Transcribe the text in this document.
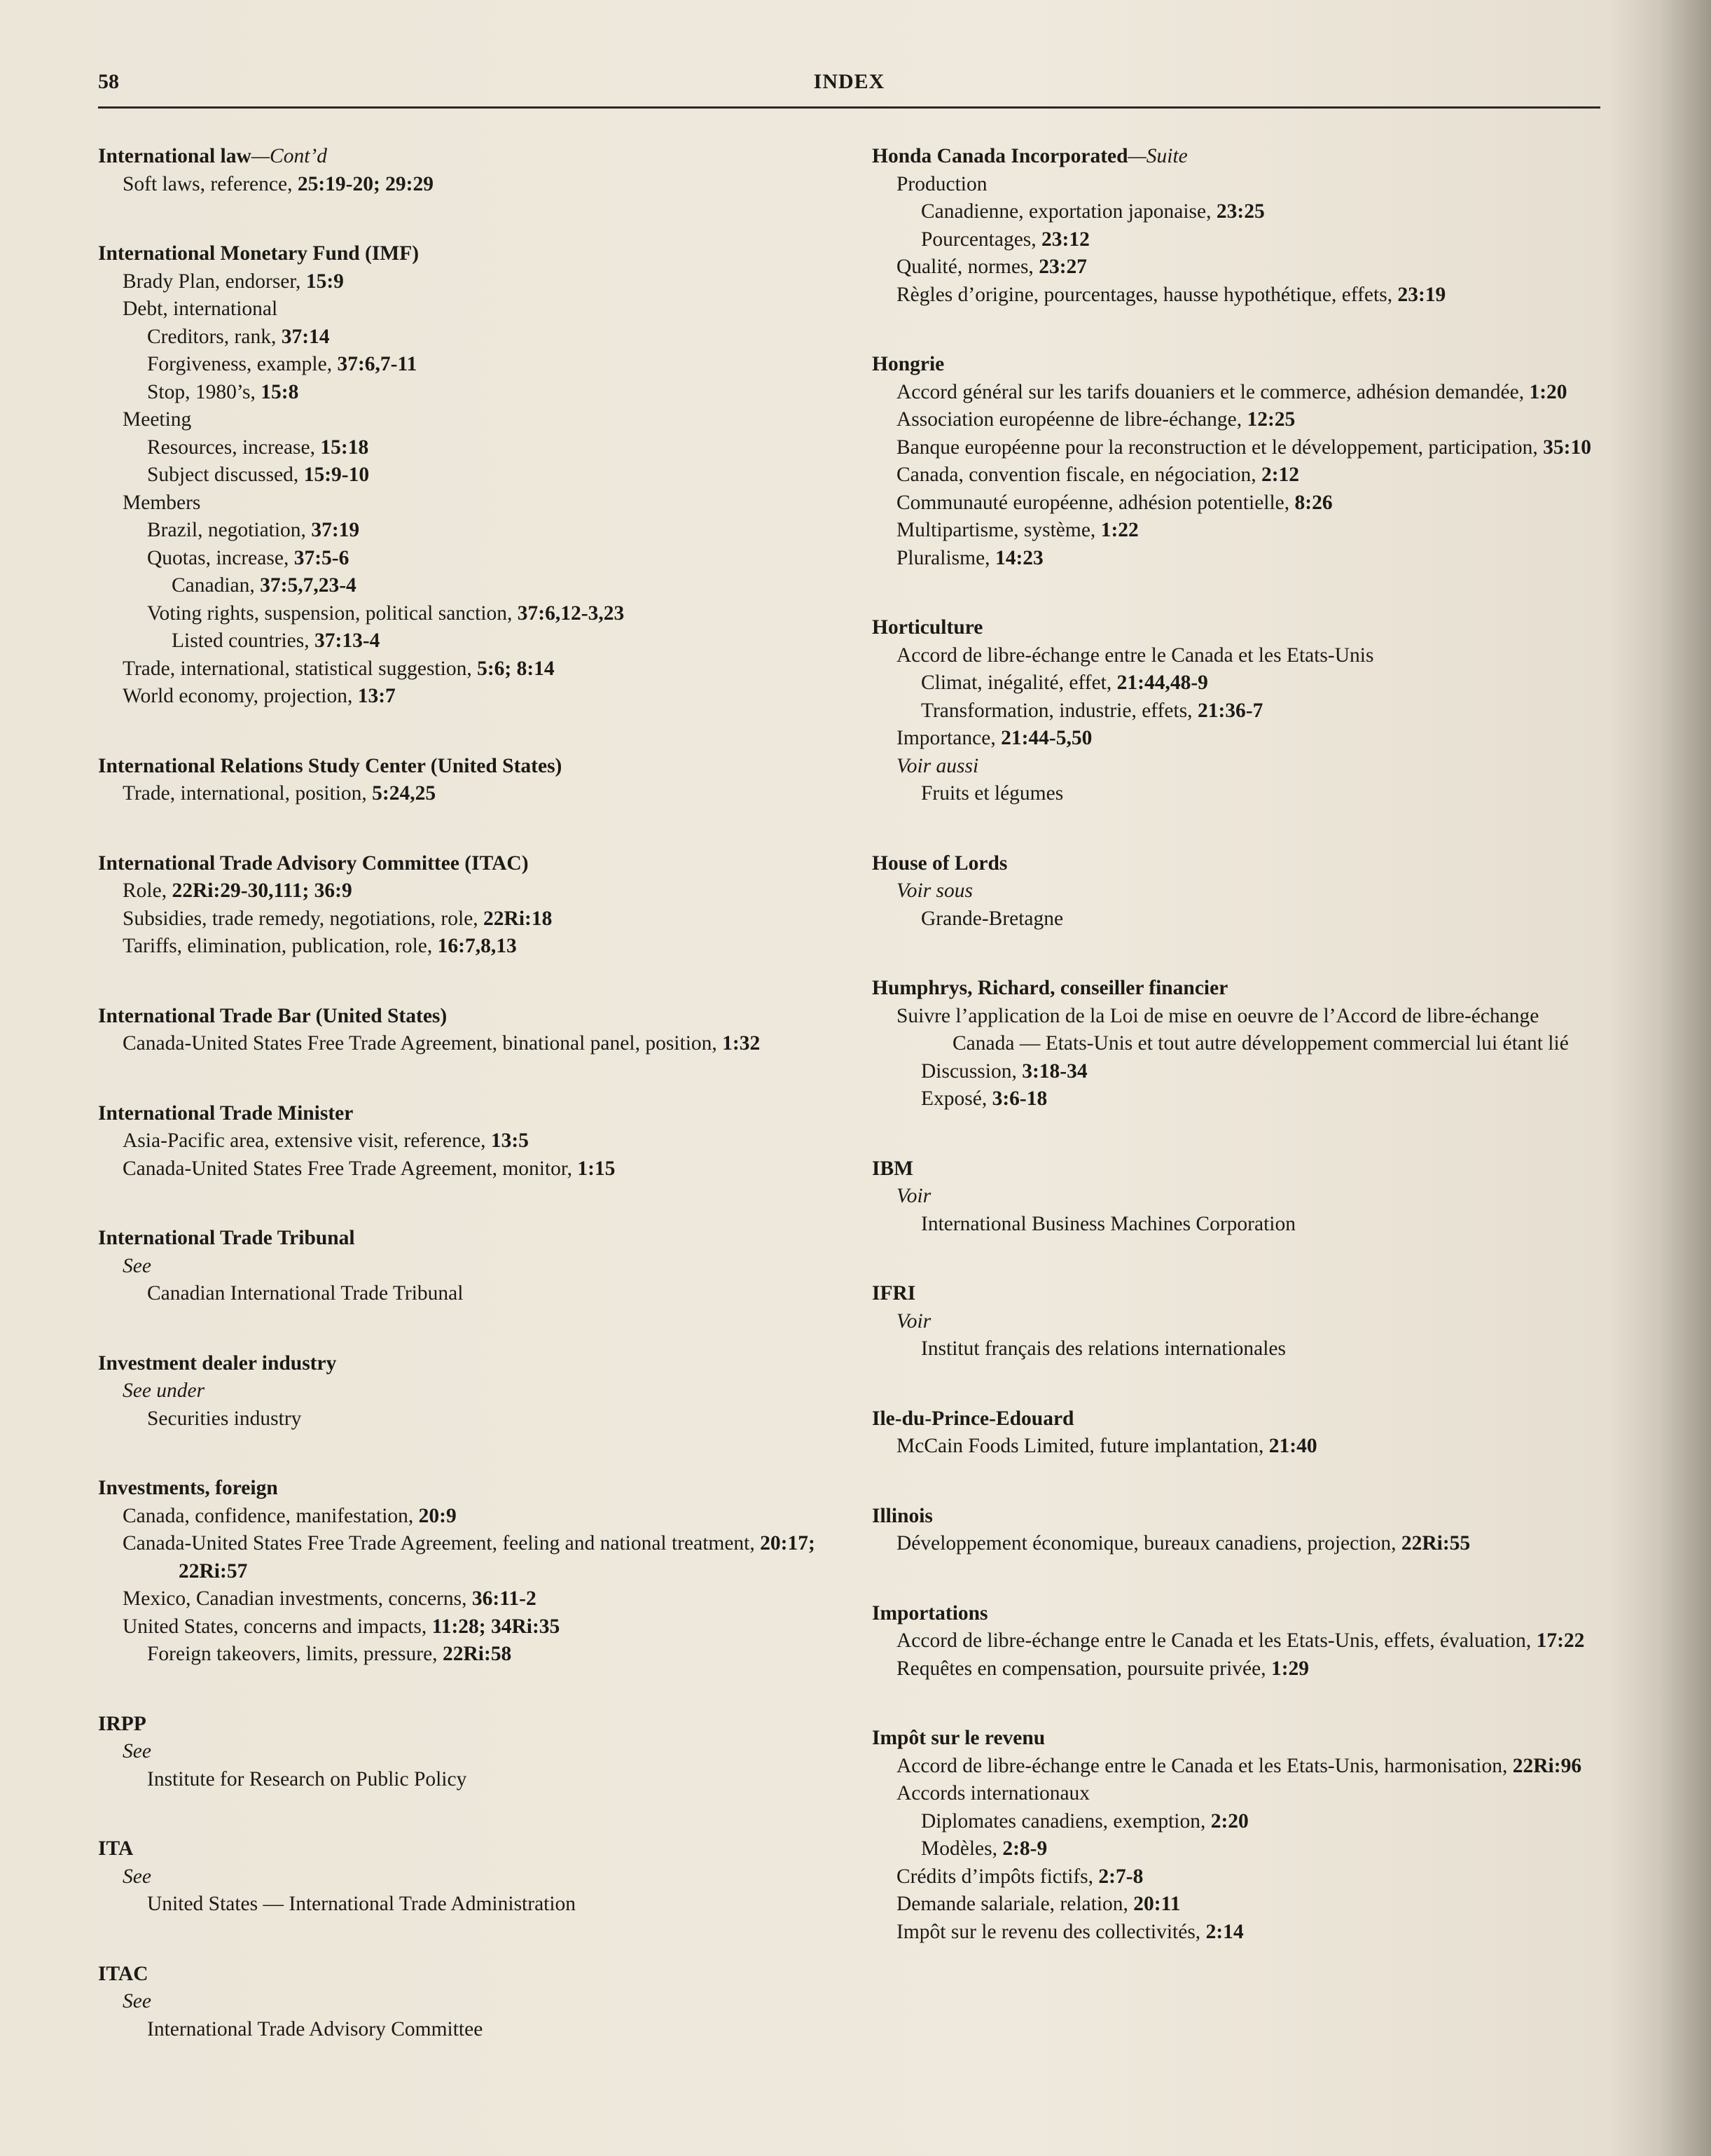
58	INDEX
International law—Cont’d
Soft laws, reference, 25:19-20; 29:29
International Monetary Fund (IMF)
Brady Plan, endorser, 15:9
Debt, international
Creditors, rank, 37:14
Forgiveness, example, 37:6,7-11
Stop, 1980’s, 15:8
Meeting
Resources, increase, 15:18
Subject discussed, 15:9-10
Members
Brazil, negotiation, 37:19
Quotas, increase, 37:5-6
Canadian, 37:5,7,23-4
Voting rights, suspension, political sanction, 37:6,12-3,23
Listed countries, 37:13-4
Trade, international, statistical suggestion, 5:6; 8:14
World economy, projection, 13:7
International Relations Study Center (United States)
Trade, international, position, 5:24,25
International Trade Advisory Committee (ITAC)
Role, 22Ri:29-30,111; 36:9
Subsidies, trade remedy, negotiations, role, 22Ri:18
Tariffs, elimination, publication, role, 16:7,8,13
International Trade Bar (United States)
Canada-United States Free Trade Agreement, binational panel, position, 1:32
International Trade Minister
Asia-Pacific area, extensive visit, reference, 13:5
Canada-United States Free Trade Agreement, monitor, 1:15
International Trade Tribunal
See
Canadian International Trade Tribunal
Investment dealer industry
See under
Securities industry
Investments, foreign
Canada, confidence, manifestation, 20:9
Canada-United States Free Trade Agreement, feeling and national treatment, 20:17; 22Ri:57
Mexico, Canadian investments, concerns, 36:11-2
United States, concerns and impacts, 11:28; 34Ri:35
Foreign takeovers, limits, pressure, 22Ri:58
IRPP
See
Institute for Research on Public Policy
ITA
See
United States — International Trade Administration
ITAC
See
International Trade Advisory Committee
Honda Canada Incorporated—Suite
Production
Canadienne, exportation japonaise, 23:25
Pourcentages, 23:12
Qualité, normes, 23:27
Règles d’origine, pourcentages, hausse hypothétique, effets, 23:19
Hongrie
Accord général sur les tarifs douaniers et le commerce, adhésion demandée, 1:20
Association européenne de libre-échange, 12:25
Banque européenne pour la reconstruction et le développement, participation, 35:10
Canada, convention fiscale, en négociation, 2:12
Communauté européenne, adhésion potentielle, 8:26
Multipartisme, système, 1:22
Pluralisme, 14:23
Horticulture
Accord de libre-échange entre le Canada et les Etats-Unis
Climat, inégalité, effet, 21:44,48-9
Transformation, industrie, effets, 21:36-7
Importance, 21:44-5,50
Voir aussi
Fruits et légumes
House of Lords
Voir sous
Grande-Bretagne
Humphrys, Richard, conseiller financier
Suivre l’application de la Loi de mise en oeuvre de l’Accord de libre-échange Canada — Etats-Unis et tout autre développement commercial lui étant lié
Discussion, 3:18-34
Exposé, 3:6-18
IBM
Voir
International Business Machines Corporation
IFRI
Voir
Institut français des relations internationales
Ile-du-Prince-Edouard
McCain Foods Limited, future implantation, 21:40
Illinois
Développement économique, bureaux canadiens, projection, 22Ri:55
Importations
Accord de libre-échange entre le Canada et les Etats-Unis, effets, évaluation, 17:22
Requêtes en compensation, poursuite privée, 1:29
Impôt sur le revenu
Accord de libre-échange entre le Canada et les Etats-Unis, harmonisation, 22Ri:96
Accords internationaux
Diplomates canadiens, exemption, 2:20
Modèles, 2:8-9
Crédits d’impôts fictifs, 2:7-8
Demande salariale, relation, 20:11
Impôt sur le revenu des collectivités, 2:14
